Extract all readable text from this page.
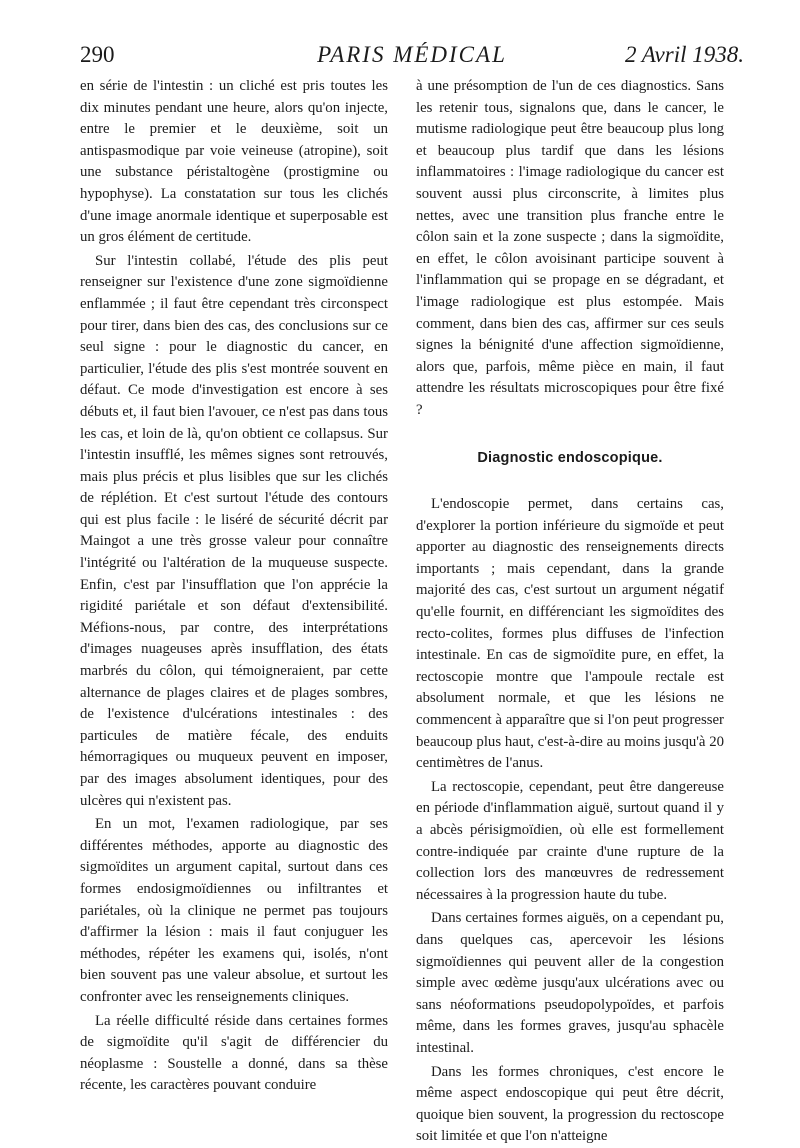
290	PARIS MÉDICAL	2 Avril 1938.

en série de l'intestin : un cliché est pris toutes les dix minutes pendant une heure, alors qu'on injecte, entre le premier et le deuxième, soit un antispasmodique par voie veineuse (atropine), soit une substance péristaltogène (prostigmine ou hypophyse). La constatation sur tous les clichés d'une image anormale identique et superposable est un gros élément de certitude.

Sur l'intestin collabé, l'étude des plis peut renseigner sur l'existence d'une zone sigmoïdienne enflammée ; il faut être cependant très circonspect pour tirer, dans bien des cas, des conclusions sur ce seul signe : pour le diagnostic du cancer, en particulier, l'étude des plis s'est montrée souvent en défaut. Ce mode d'investigation est encore à ses débuts et, il faut bien l'avouer, ce n'est pas dans tous les cas, et loin de là, qu'on obtient ce collapsus. Sur l'intestin insufflé, les mêmes signes sont retrouvés, mais plus précis et plus lisibles que sur les clichés de réplétion. Et c'est surtout l'étude des contours qui est plus facile : le liséré de sécurité décrit par Maingot a une très grosse valeur pour connaître l'intégrité ou l'altération de la muqueuse suspecte. Enfin, c'est par l'insufflation que l'on apprécie la rigidité pariétale et son défaut d'extensibilité. Méfions-nous, par contre, des interprétations d'images nuageuses après insufflation, des états marbrés du côlon, qui témoigneraient, par cette alternance de plages claires et de plages sombres, de l'existence d'ulcérations intestinales : des particules de matière fécale, des enduits hémorragiques ou muqueux peuvent en imposer, par des images absolument identiques, pour des ulcères qui n'existent pas.

En un mot, l'examen radiologique, par ses différentes méthodes, apporte au diagnostic des sigmoïdites un argument capital, surtout dans ces formes endosigmoïdiennes ou infiltrantes et pariétales, où la clinique ne permet pas toujours d'affirmer la lésion : mais il faut conjuguer les méthodes, répéter les examens qui, isolés, n'ont bien souvent pas une valeur absolue, et surtout les confronter avec les renseignements cliniques.

La réelle difficulté réside dans certaines formes de sigmoïdite qu'il s'agit de différencier du néoplasme : Soustelle a donné, dans sa thèse récente, les caractères pouvant conduire

à une présomption de l'un de ces diagnostics. Sans les retenir tous, signalons que, dans le cancer, le mutisme radiologique peut être beaucoup plus long et beaucoup plus tardif que dans les lésions inflammatoires : l'image radiologique du cancer est souvent aussi plus circonscrite, à limites plus nettes, avec une transition plus franche entre le côlon sain et la zone suspecte ; dans la sigmoïdite, en effet, le côlon avoisinant participe souvent à l'inflammation qui se propage en se dégradant, et l'image radiologique est plus estompée. Mais comment, dans bien des cas, affirmer sur ces seuls signes la bénignité d'une affection sigmoïdienne, alors que, parfois, même pièce en main, il faut attendre les résultats microscopiques pour être fixé ?

Diagnostic endoscopique.

L'endoscopie permet, dans certains cas, d'explorer la portion inférieure du sigmoïde et peut apporter au diagnostic des renseignements directs importants ; mais cependant, dans la grande majorité des cas, c'est surtout un argument négatif qu'elle fournit, en différenciant les sigmoïdites des recto-colites, formes plus diffuses de l'infection intestinale. En cas de sigmoïdite pure, en effet, la rectoscopie montre que l'ampoule rectale est absolument normale, et que les lésions ne commencent à apparaître que si l'on peut progresser beaucoup plus haut, c'est-à-dire au moins jusqu'à 20 centimètres de l'anus.

La rectoscopie, cependant, peut être dangereuse en période d'inflammation aiguë, surtout quand il y a abcès périsigmoïdien, où elle est formellement contre-indiquée par crainte d'une rupture de la collection lors des manœuvres de redressement nécessaires à la progression haute du tube.

Dans certaines formes aiguës, on a cependant pu, dans quelques cas, apercevoir les lésions sigmoïdiennes qui peuvent aller de la congestion simple avec œdème jusqu'aux ulcérations avec ou sans néoformations pseudopolypoïdes, et parfois même, dans les formes graves, jusqu'au sphacèle intestinal.

Dans les formes chroniques, c'est encore le même aspect endoscopique qui peut être décrit, quoique bien souvent, la progression du rectoscope soit limitée et que l'on n'atteigne
